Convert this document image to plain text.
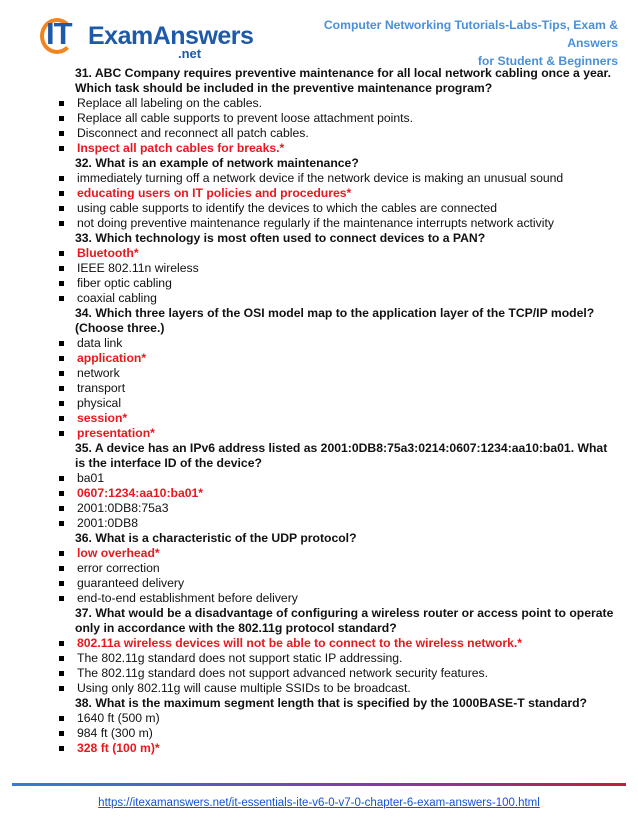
IT ExamAnswers
.net
Computer Networking Tutorials-Labs-Tips, Exam & Answers
for Student & Beginners
31. ABC Company requires preventive maintenance for all local network cabling once a year.
Which task should be included in the preventive maintenance program?
Replace all labeling on the cables.
Replace all cable supports to prevent loose attachment points.
Disconnect and reconnect all patch cables.
Inspect all patch cables for breaks.*
32. What is an example of network maintenance?
immediately turning off a network device if the network device is making an unusual sound
educating users on IT policies and procedures*
using cable supports to identify the devices to which the cables are connected
not doing preventive maintenance regularly if the maintenance interrupts network activity
33. Which technology is most often used to connect devices to a PAN?
Bluetooth*
IEEE 802.11n wireless
fiber optic cabling
coaxial cabling
34. Which three layers of the OSI model map to the application layer of the TCP/IP model?
(Choose three.)
data link
application*
network
transport
physical
session*
presentation*
35. A device has an IPv6 address listed as 2001:0DB8:75a3:0214:0607:1234:aa10:ba01. What
is the interface ID of the device?
ba01
0607:1234:aa10:ba01*
2001:0DB8:75a3
2001:0DB8
36. What is a characteristic of the UDP protocol?
low overhead*
error correction
guaranteed delivery
end-to-end establishment before delivery
37. What would be a disadvantage of configuring a wireless router or access point to operate
only in accordance with the 802.11g protocol standard?
802.11a wireless devices will not be able to connect to the wireless network.*
The 802.11g standard does not support static IP addressing.
The 802.11g standard does not support advanced network security features.
Using only 802.11g will cause multiple SSIDs to be broadcast.
38. What is the maximum segment length that is specified by the 1000BASE-T standard?
1640 ft (500 m)
984 ft (300 m)
328 ft (100 m)*
https://itexamanswers.net/it-essentials-ite-v6-0-v7-0-chapter-6-exam-answers-100.html
